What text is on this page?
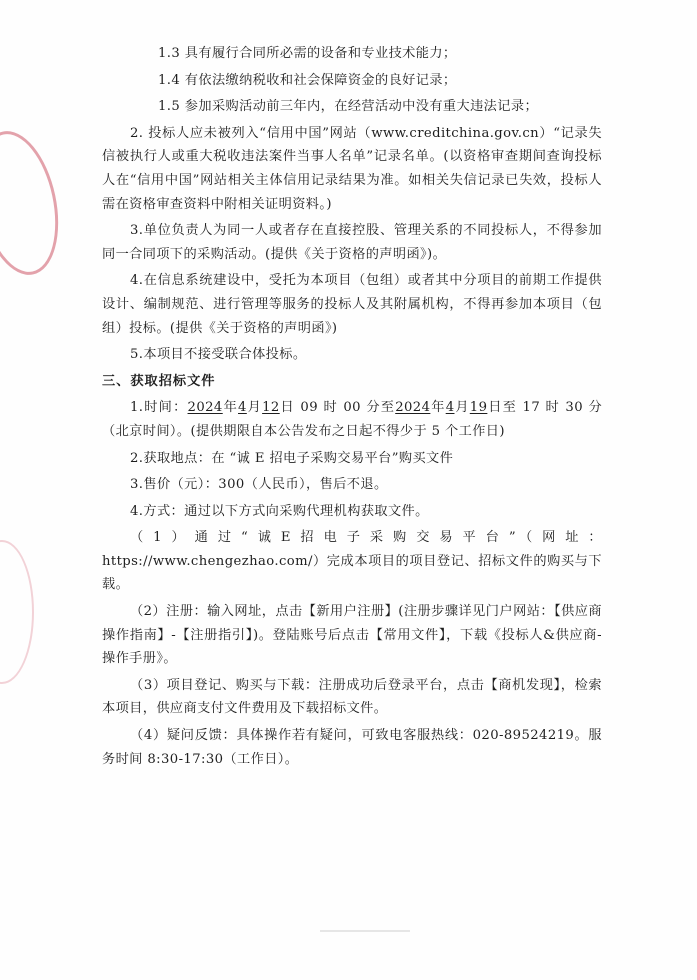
1.3 具有履行合同所必需的设备和专业技术能力；

1.4 有依法缴纳税收和社会保障资金的良好记录；

1.5 参加采购活动前三年内，在经营活动中没有重大违法记录；

2. 投标人应未被列入“信用中国”网站（www.creditchina.gov.cn）“记录失信被执行人或重大税收违法案件当事人名单”记录名单。(以资格审查期间查询投标人在“信用中国”网站相关主体信用记录结果为准。如相关失信记录已失效，投标人需在资格审查资料中附相关证明资料。)

3.单位负责人为同一人或者存在直接控股、管理关系的不同投标人，不得参加同一合同项下的采购活动。(提供《关于资格的声明函》)。

4.在信息系统建设中，受托为本项目（包组）或者其中分项目的前期工作提供设计、编制规范、进行管理等服务的投标人及其附属机构，不得再参加本项目（包组）投标。(提供《关于资格的声明函》)

5.本项目不接受联合体投标。

三、获取招标文件

1.时间：2024年4月12日 09 时 00 分至2024年4月19日至 17 时 30 分（北京时间）。(提供期限自本公告发布之日起不得少于 5 个工作日)

2.获取地点：在 “诚 E 招电子采购交易平台”购买文件

3.售价（元）：300（人民币），售后不退。

4.方式：通过以下方式向采购代理机构获取文件。

（1）通过“诚E招电子采购交易平台”（网址：https://www.chengezhao.com/）完成本项目的项目登记、招标文件的购买与下载。

（2）注册：输入网址，点击【新用户注册】(注册步骤详见门户网站：【供应商操作指南】-【注册指引】)。登陆账号后点击【常用文件】，下载《投标人&供应商-操作手册》。

（3）项目登记、购买与下载：注册成功后登录平台，点击【商机发现】，检索本项目，供应商支付文件费用及下载招标文件。

（4）疑问反馈：具体操作若有疑问，可致电客服热线：020-89524219。服务时间 8:30-17:30（工作日）。
